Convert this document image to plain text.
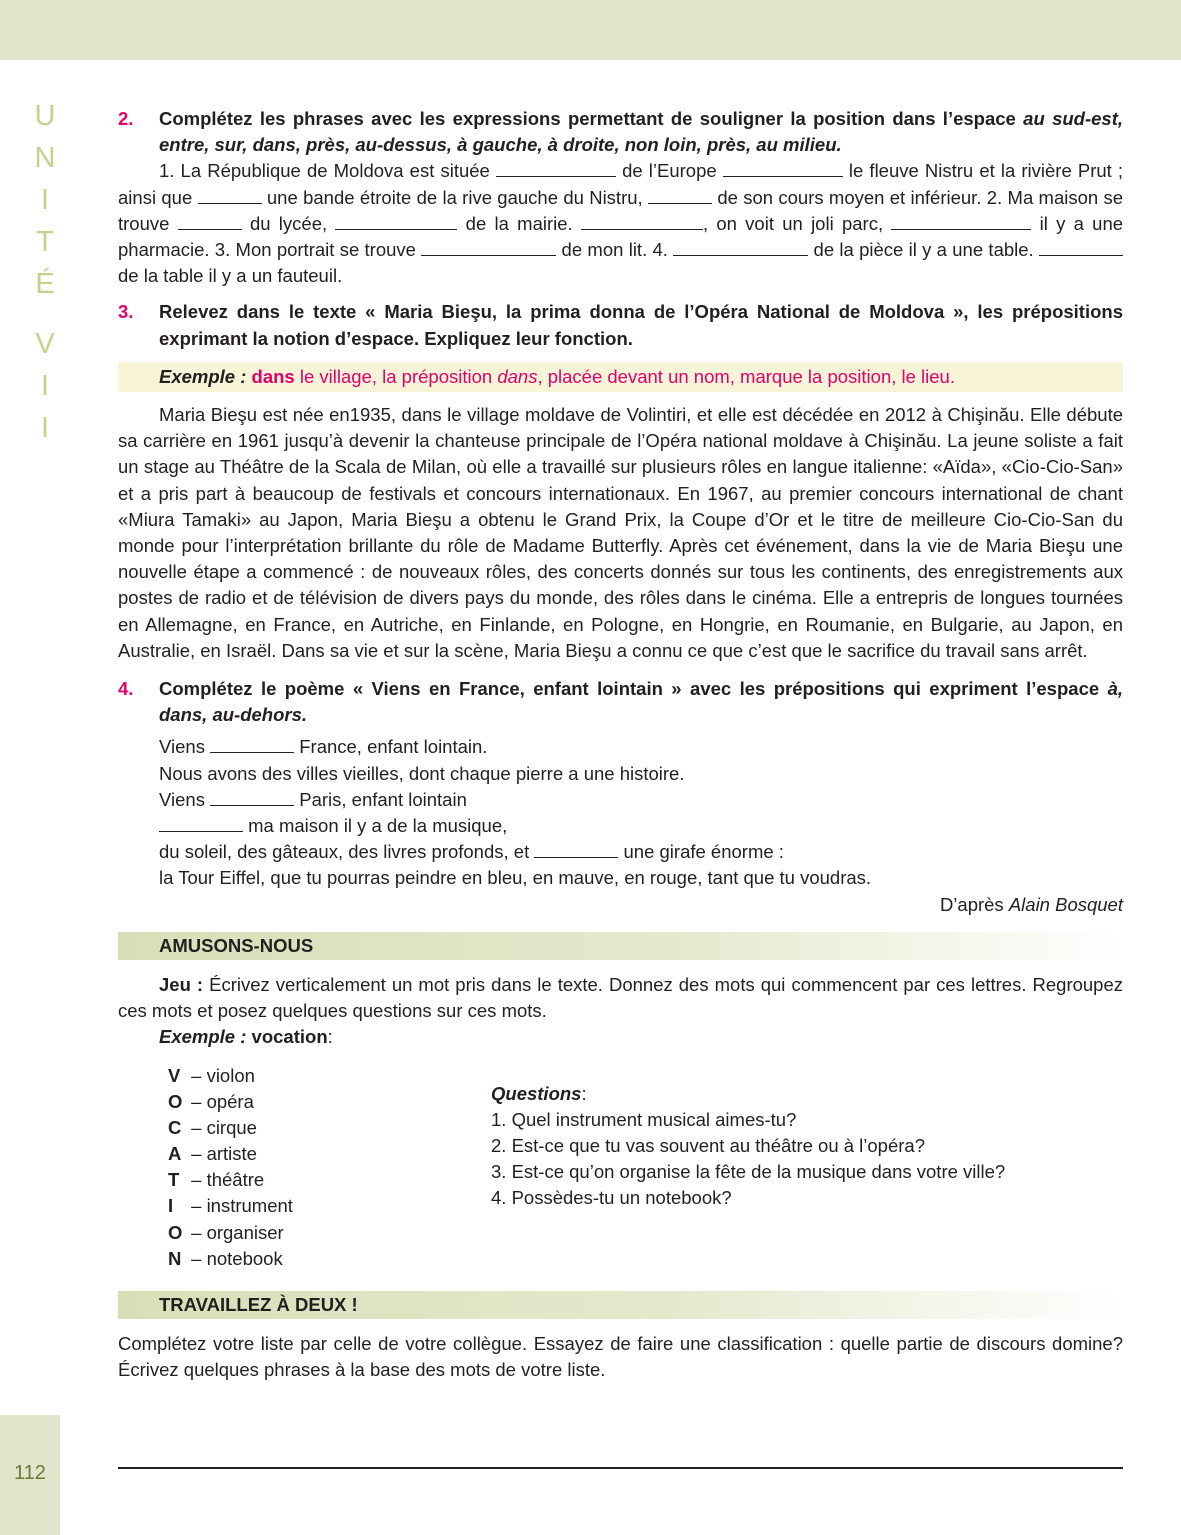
U
N
I
T
É
V
I
I
2. Complétez les phrases avec les expressions permettant de souligner la position dans l’espace au sud-est, entre, sur, dans, près, au-dessus, à gauche, à droite, non loin, près, au milieu.
1. La République de Moldova est située	de l’Europe	le fleuve Nistru et la rivière Prut ; ainsi que	une bande étroite de la rive gauche du Nistru,	de son cours moyen et inférieur. 2. Ma maison se trouve	du lycée,	de la mairie.	, on voit un joli parc,	il y a une pharmacie. 3. Mon portrait se trouve	de mon lit. 4.	de la pièce il y a une table.  de la table il y a un fauteuil.
3. Relevez dans le texte « Maria Bieşu, la prima donna de l’Opéra National de Moldova », les prépositions exprimant la notion d’espace. Expliquez leur fonction.
Exemple : dans le village, la préposition dans, placée devant un nom, marque la position, le lieu.
Maria Bieşu est née en1935, dans le village moldave de Volintiri, et elle est décédée en 2012 à Chişinău. Elle débute sa carrière en 1961 jusqu’à devenir la chanteuse principale de l’Opéra national moldave à Chişinău. La jeune soliste a fait un stage au Théâtre de la Scala de Milan, où elle a travaillé sur plusieurs rôles en langue italienne: «Aïda», «Cio-Cio-San» et a pris part à beaucoup de festivals et concours internationaux. En 1967, au premier concours international de chant «Miura Tamaki» au Japon, Maria Bieşu a obtenu le Grand Prix, la Coupe d’Or et le titre de meilleure Cio-Cio-San du monde pour l’interprétation brillante du rôle de Madame Butterfly. Après cet événement, dans la vie de Maria Bieşu une nouvelle étape a commencé : de nouveaux rôles, des concerts donnés sur tous les continents, des enregistrements aux postes de radio et de télévision de divers pays du monde, des rôles dans le cinéma. Elle a entrepris de longues tournées en Allemagne, en France, en Autriche, en Finlande, en Pologne, en Hongrie, en Roumanie, en Bulgarie, au Japon, en Australie, en Israël. Dans sa vie et sur la scène, Maria Bieşu a connu ce que c’est que le sacrifice du travail sans arrêt.
4. Complétez le poème « Viens en France, enfant lointain » avec les prépositions qui expriment l’espace à, dans, au-dehors.
Viens	France, enfant lointain.
Nous avons des villes vieilles, dont chaque pierre a une histoire.
Viens	Paris, enfant lointain
ma maison il y a de la musique,
du soleil, des gâteaux, des livres profonds, et	une girafe énorme :
la Tour Eiffel, que tu pourras peindre en bleu, en mauve, en rouge, tant que tu voudras.
D’après Alain Bosquet
AMUSONS-NOUS
Jeu : Écrivez verticalement un mot pris dans le texte. Donnez des mots qui commencent par ces lettres. Regroupez ces mots et posez quelques questions sur ces mots.
Exemple : vocation:
V – violon
O – opéra
C – cirque
A – artiste
T – théâtre
I – instrument
O – organiser
N – notebook
Questions:
1. Quel instrument musical aimes-tu?
2. Est-ce que tu vas souvent au théâtre ou à l’opéra?
3. Est-ce qu’on organise la fête de la musique dans votre ville?
4. Possèdes-tu un notebook?
TRAVAILLEZ À DEUX !
Complétez votre liste par celle de votre collègue. Essayez de faire une classification : quelle partie de discours domine? Écrivez quelques phrases à la base des mots de votre liste.
112
